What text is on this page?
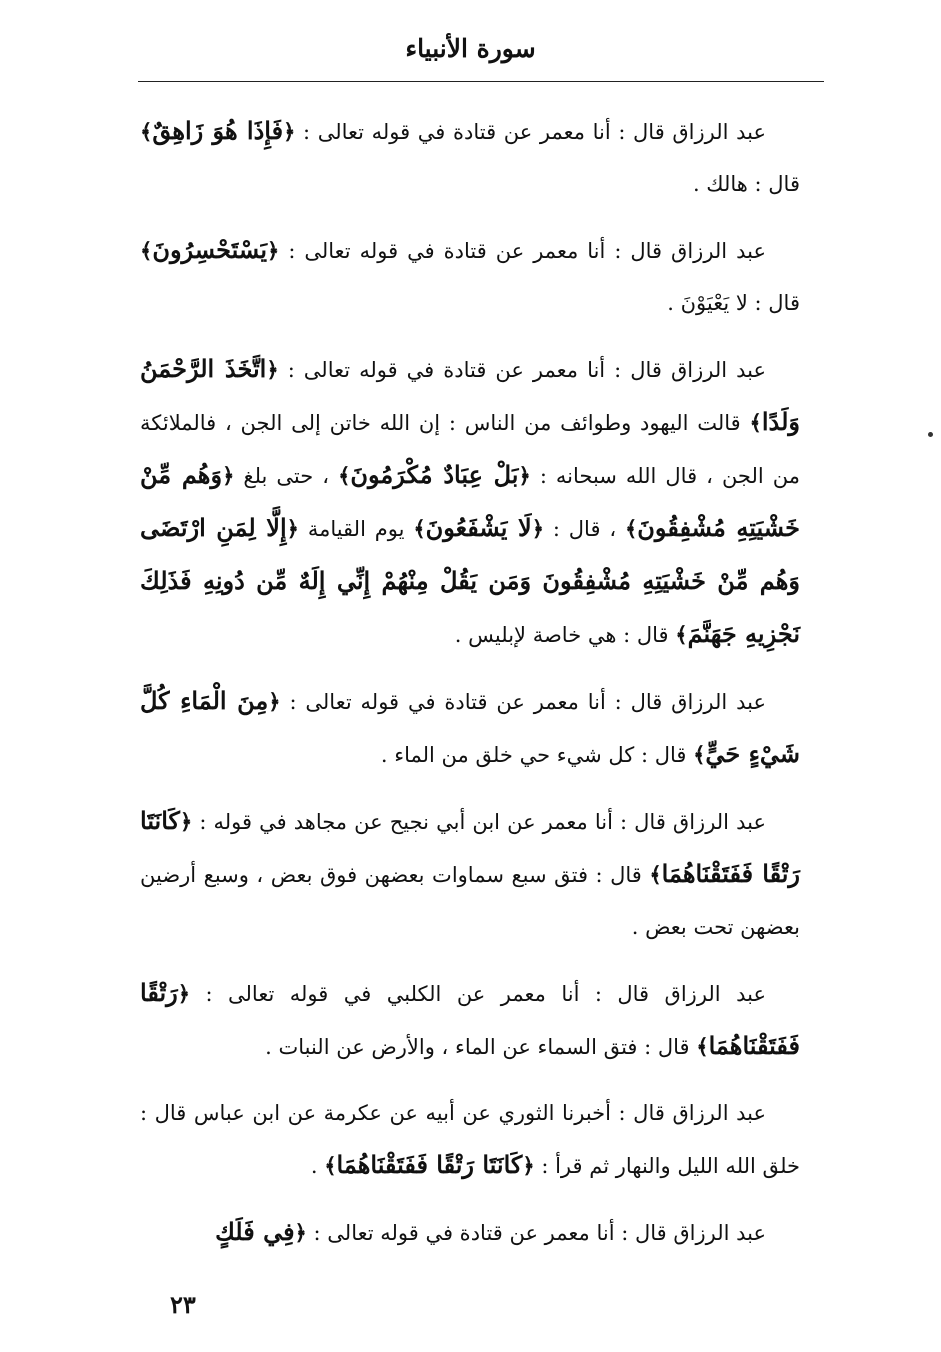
سورة الأنبياء

عبد الرزاق قال : أنا معمر عن قتادة في قوله تعالى : ﴿فَإِذَا هُوَ زَاهِقٌ﴾ قال : هالك .

عبد الرزاق قال : أنا معمر عن قتادة في قوله تعالى : ﴿يَسْتَحْسِرُونَ﴾ قال : لا يَعْيَوْنَ .

عبد الرزاق قال : أنا معمر عن قتادة في قوله تعالى : ﴿اتَّخَذَ الرَّحْمَنُ وَلَدًا﴾ قالت اليهود وطوائف من الناس : إن الله خاتن إلى الجن ، فالملائكة من الجن ، قال الله سبحانه : ﴿بَلْ عِبَادٌ مُكْرَمُونَ﴾ ، حتى بلغ ﴿وَهُم مِّنْ خَشْيَتِهِ مُشْفِقُونَ﴾ ، قال : ﴿لَا يَشْفَعُونَ﴾ يوم القيامة ﴿إِلَّا لِمَنِ ارْتَضَى وَهُم مِّنْ خَشْيَتِهِ مُشْفِقُونَ وَمَن يَقُلْ مِنْهُمْ إِنِّي إِلَهٌ مِّن دُونِهِ فَذَلِكَ نَجْزِيهِ جَهَنَّمَ﴾ قال : هي خاصة لإبليس .

عبد الرزاق قال : أنا معمر عن قتادة في قوله تعالى : ﴿مِنَ الْمَاءِ كُلَّ شَيْءٍ حَيٍّ﴾ قال : كل شيء حي خلق من الماء .

عبد الرزاق قال : أنا معمر عن ابن أبي نجيح عن مجاهد في قوله : ﴿كَانَتَا رَتْقًا فَفَتَقْنَاهُمَا﴾ قال : فتق سبع سماوات بعضهن فوق بعض ، وسبع أرضين بعضهن تحت بعض .

عبد الرزاق قال : أنا معمر عن الكلبي في قوله تعالى : ﴿رَتْقًا فَفَتَقْنَاهُمَا﴾ قال : فتق السماء عن الماء ، والأرض عن النبات .

عبد الرزاق قال : أخبرنا الثوري عن أبيه عن عكرمة عن ابن عباس قال : خلق الله الليل والنهار ثم قرأ : ﴿كَانَتَا رَتْقًا فَفَتَقْنَاهُمَا﴾ .

عبد الرزاق قال : أنا معمر عن قتادة في قوله تعالى : ﴿فِي فَلَكٍ

٢٣
